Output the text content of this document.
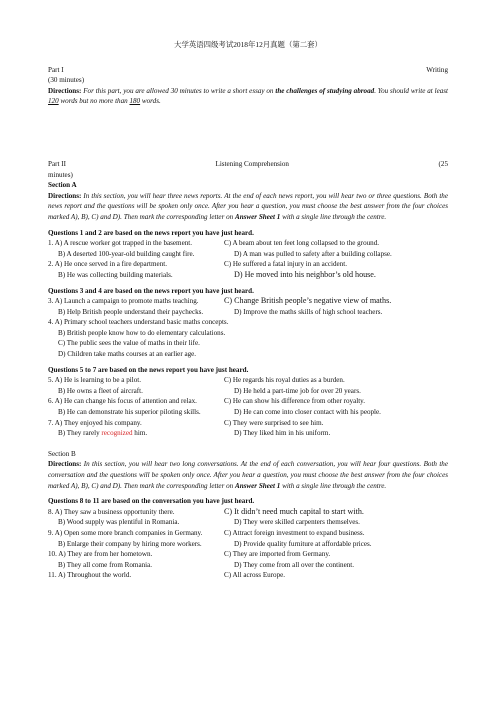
大学英语四级考试2018年12月真题（第二套）
Part I	Writing
(30 minutes)
Directions: For this part, you are allowed 30 minutes to write a short essay on the challenges of studying abroad. You should write at least 120 words but no more than 180 words.
Part II	Listening Comprehension	(25
minutes)
Section A
Directions: In this section, you will hear three news reports. At the end of each news report, you will hear two or three questions. Both the news report and the questions will be spoken only once. After you hear a question, you must choose the best answer from the four choices marked A), B), C) and D). Then mark the corresponding letter on Answer Sheet 1 with a single line through the centre.
Questions 1 and 2 are based on the news report you have just heard.
1. A) A rescue worker got trapped in the basement.	C) A beam about ten feet long collapsed to the ground.
B) A deserted 100-year-old building caught fire.	D) A man was pulled to safety after a building collapse.
2. A) He once served in a fire department.	C) He suffered a fatal injury in an accident.
B) He was collecting building materials.	D) He moved into his neighbor’s old house.
Questions 3 and 4 are based on the news report you have just heard.
3. A) Launch a campaign to promote maths teaching.	C) Change British people’s negative view of maths.
B) Help British people understand their paychecks.	D) Improve the maths skills of high school teachers.
4. A) Primary school teachers understand basic maths concepts.
B) British people know how to do elementary calculations.
C) The public sees the value of maths in their life.
D) Children take maths courses at an earlier age.
Questions 5 to 7 are based on the news report you have just heard.
5. A) He is learning to be a pilot.	C) He regards his royal duties as a burden.
B) He owns a fleet of aircraft.	D) He held a part-time job for over 20 years.
6. A) He can change his focus of attention and relax.	C) He can show his difference from other royalty.
B) He can demonstrate his superior piloting skills.	D) He can come into closer contact with his people.
7. A) They enjoyed his company.	C) They were surprised to see him.
B) They rarely recognized him.	D) They liked him in his uniform.
Section B
Directions: In this section, you will hear two long conversations. At the end of each conversation, you will hear four questions. Both the conversation and the questions will be spoken only once. After you hear a question, you must choose the best answer from the four choices marked A), B), C) and D). Then mark the corresponding letter on Answer Sheet 1 with a single line through the centre.
Questions 8 to 11 are based on the conversation you have just heard.
8. A) They saw a business opportunity there.	C) It didn’t need much capital to start with.
B) Wood supply was plentiful in Romania.	D) They were skilled carpenters themselves.
9. A) Open some more branch companies in Germany.	C) Attract foreign investment to expand business.
B) Enlarge their company by hiring more workers.	D) Provide quality furniture at affordable prices.
10. A) They are from her hometown.	C) They are imported from Germany.
B) They all come from Romania.	D) They come from all over the continent.
11. A) Throughout the world.	C) All across Europe.
